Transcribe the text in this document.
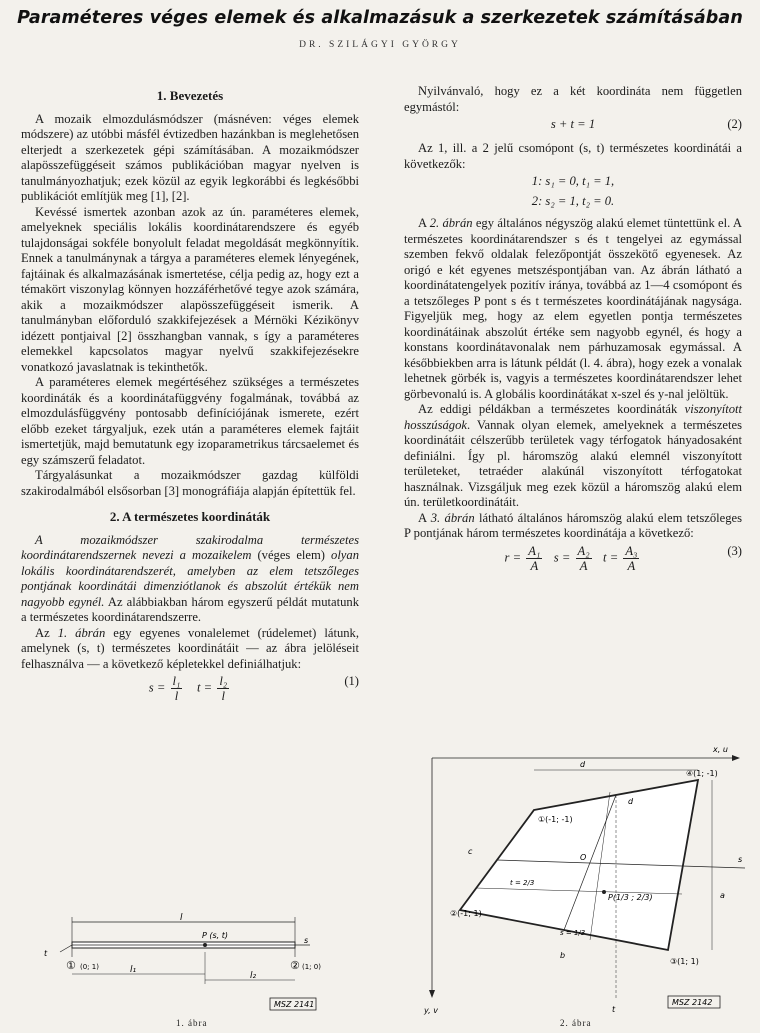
Paraméteres véges elemek és alkalmazásuk a szerkezetek számításában
DR. SZILÁGYI GYÖRGY
1. Bevezetés

A mozaik elmozdulásmódszer (másnéven: véges elemek módszere) az utóbbi másfél évtizedben hazánkban is meglehetősen elterjedt a szerkezetek gépi számításában. A mozaikmódszer alapösszefüggéseit számos publikációban magyar nyelven is tanulmányozhatjuk; ezek közül az egyik legkorábbi és legkésőbbi publikációt említjük meg [1], [2].

Kevéssé ismertek azonban azok az ún. paraméteres elemek, amelyeknek speciális lokális koordinátarendszere és egyéb tulajdonságai sokféle bonyolult feladat megoldását megkönnyítik. Ennek a tanulmánynak a tárgya a paraméteres elemek lényegének, fajtáinak és alkalmazásának ismertetése, célja pedig az, hogy ezt a témakört viszonylag könnyen hozzáférhetővé tegye azok számára, akik a mozaikmódszer alapösszefüggéseit ismerik. A tanulmányban előforduló szakkifejezések a Mérnöki Kézikönyv idézett pontjaival [2] összhangban vannak, s így a paraméteres elemekkel kapcsolatos magyar nyelvű szakkifejezésekre vonatkozó javaslatnak is tekinthetők.

A paraméteres elemek megértéséhez szükséges a természetes koordináták és a koordinátafüggvény fogalmának, továbbá az elmozdulásfüggvény pontosabb definíciójának ismerete, ezért előbb ezeket tárgyaljuk, ezek után a paraméteres elemek fajtáit ismertetjük, majd bemutatunk egy izoparametrikus tárcsaelemet és egy számszerű feladatot.

Tárgyalásunkat a mozaikmódszer gazdag külföldi szakirodalmából elsősorban [3] monográfiája alapján építettük fel.

2. A természetes koordináták

A mozaikmódszer szakirodalma természetes koordinátarendszernek nevezi a mozaikelem (véges elem) olyan lokális koordinátarendszerét, amelyben az elem tetszőleges pontjának koordinátái dimenziótlanok és abszolút értékük nem nagyobb egynél. Az alábbiakban három egyszerű példát mutatunk a természetes koordinátarendszerre.

Az 1. ábrán egy egyenes vonalelemet (rúdelemet) látunk, amelynek (s, t) természetes koordinátáit — az ábra jelöléseit felhasználva — a következő képletekkel definiálhatjuk:

$s = \frac{\text{l₁}}{l}$ $t = \frac{\text{l₂}}{l}$	(1)

Nyilvánvaló, hogy ez a két koordináta nem független egymástól:

s + t = 1	(2)

Az 1, ill. a 2 jelű csomópont (s, t) természetes koordinátái a következők:

1: s₁ = 0, t₁ = 1,
2: s₂ = 1, t₂ = 0.

A 2. ábrán egy általános négyszög alakú elemet tüntettünk el. A természetes koordinátarendszer s és t tengelyei az egymással szemben fekvő oldalak felezőpontját összekötő egyenesek. Az origó e két egyenes metszéspontjában van. Az ábrán látható a koordinátatengelyek pozitív iránya, továbbá az 1—4 csomópont és a tetszőleges P pont s és t természetes koordinátájának nagysága. Figyeljük meg, hogy az elem egyetlen pontja természetes koordinátáinak abszolút értéke sem nagyobb egynél, és hogy a konstans koordinátavonalak nem párhuzamosak egymással. A későbbiekben arra is látunk példát (l. 4. ábra), hogy ezek a vonalak lehetnek görbék is, vagyis a természetes koordinátarendszer lehet görbevonalú is. A globális koordinátákat x-szel és y-nal jelöltük.

Az eddigi példákban a természetes koordináták viszonyított hosszúságok. Vannak olyan elemek, amelyeknek a természetes koordinátáit célszerűbb területek vagy térfogatok hányadosaként definiálni. Így pl. háromszög alakú elemnél viszonyított területeket, tetraéder alakúnál viszonyított térfogatokat használnak. Vizsgáljuk meg ezek közül a háromszög alakú elem ún. területkoordinátáit.

A 3. ábrán látható általános háromszög alakú elem tetszőleges P pontjának három természetes koordinátája a következő:

$r = \frac{\text{A₁}}{A}$ $s = \frac{\text{A₂}}{A}$ $t = \frac{\text{A₃}}{A}$	(3)
l
P (s, t)
s
t
l₁
l₂
① (0; 1)	② (1; 0)
MSZ 2141
1. ábra
x, u
y, v
s
t
O
P(1/3 ; 2/3)
t = 2/3
s = 1/3
d
d
b
a
c
①(-1; -1)
②(-1; 1)
③(1; 1)
④(1; -1)
MSZ 2142
2. ábra
